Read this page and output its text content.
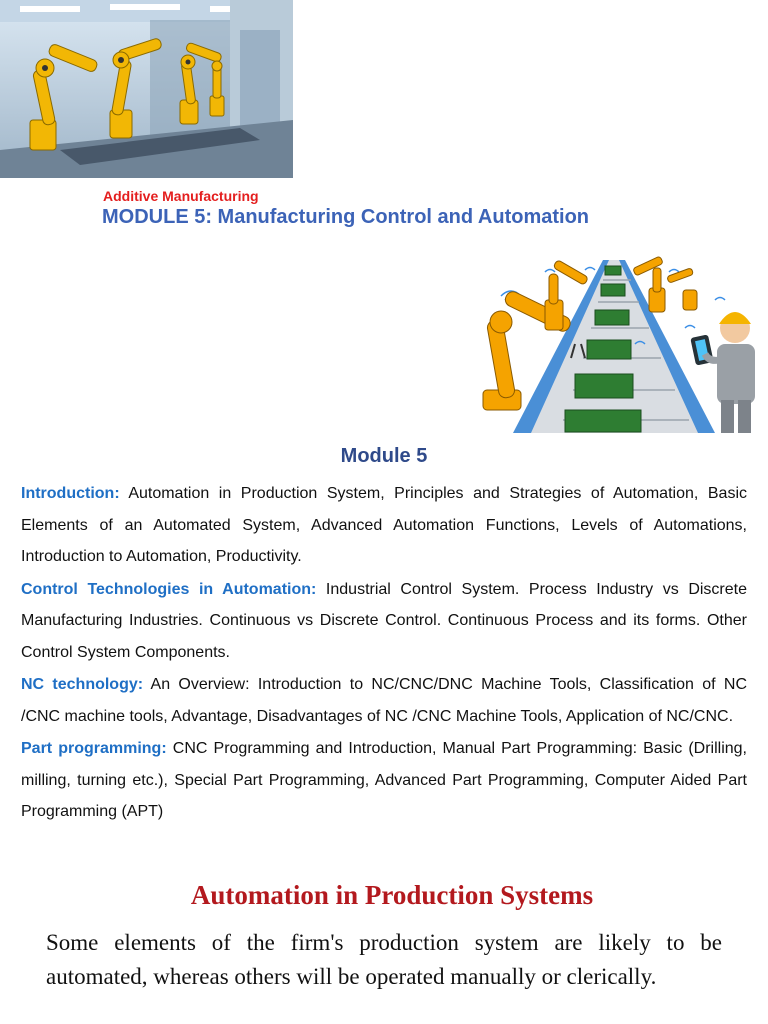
Additive Manufacturing
MODULE 5: Manufacturing Control and Automation
Module 5

Introduction: Automation in Production System, Principles and Strategies of Automation, Basic Elements of an Automated System, Advanced Automation Functions, Levels of Automations, Introduction to Automation, Productivity.

Control Technologies in Automation: Industrial Control System. Process Industry vs Discrete Manufacturing Industries. Continuous vs Discrete Control. Continuous Process and its forms. Other Control System Components.

NC technology: An Overview: Introduction to NC/CNC/DNC Machine Tools, Classification of NC /CNC machine tools, Advantage, Disadvantages of NC /CNC Machine Tools, Application of NC/CNC.

Part programming: CNC Programming and Introduction, Manual Part Programming: Basic (Drilling, milling, turning etc.), Special Part Programming, Advanced Part Programming, Computer Aided Part Programming (APT)

Automation in Production Systems
Some elements of the firm's production system are likely to be automated, whereas others will be operated manually or clerically.
